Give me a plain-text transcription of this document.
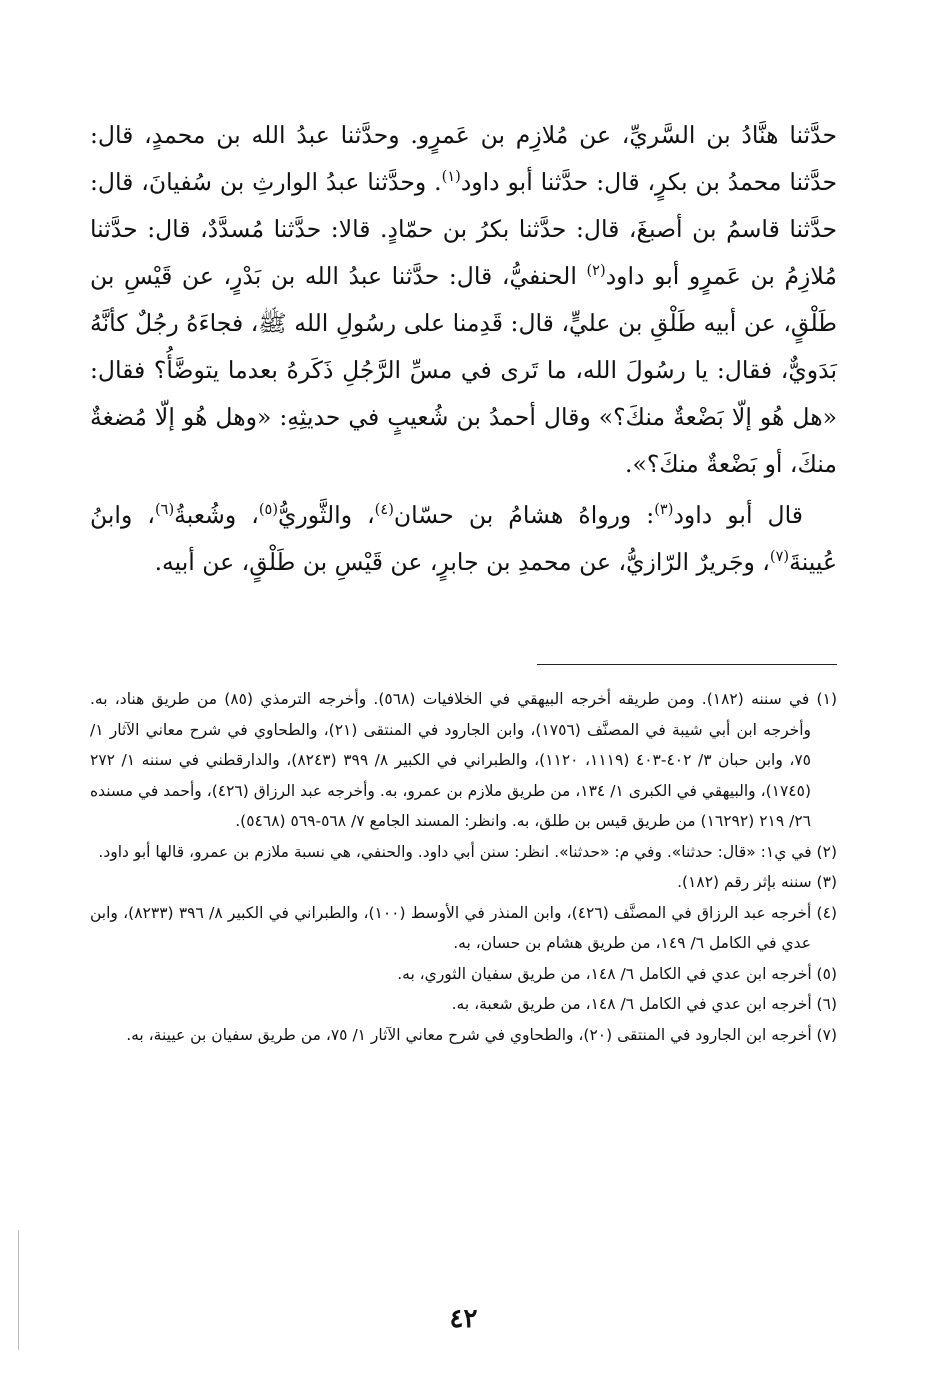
حدَّثنا هنَّادُ بن السَّريِّ، عن مُلازِم بن عَمرٍو. وحدَّثنا عبدُ الله بن محمدٍ، قال: حدَّثنا محمدُ بن بكرٍ، قال: حدَّثنا أبو داود$^{(١)}$. وحدَّثنا عبدُ الوارثِ بن سُفيانَ، قال: حدَّثنا قاسمُ بن أصبغَ، قال: حدَّثنا بكرُ بن حمّادٍ. قالا: حدَّثنا مُسدَّدٌ، قال: حدَّثنا مُلازِمُ بن عَمرٍو أبو داود$^{(٢)}$ الحنفيُّ، قال: حدَّثنا عبدُ الله بن بَدْرٍ، عن قَيْسِ بن طَلْقٍ، عن أبيه طَلْقِ بن عليٍّ، قال: قَدِمنا على رسُولِ الله ﷺ، فجاءَهُ رجُلٌ كأنَّهُ بَدَويٌّ، فقال: يا رسُولَ الله، ما تَرى في مسِّ الرَّجُلِ ذَكَرهُ بعدما يتوضَّأُ؟ فقال: «هل هُو إلّا بَضْعةٌ منكَ؟» وقال أحمدُ بن شُعيبٍ في حديثِهِ: «وهل هُو إلّا مُضغةٌ منكَ، أو بَضْعةٌ منكَ؟».

قال أبو داود$^{(٣)}$: ورواهُ هشامُ بن حسّان$^{(٤)}$، والثَّوريُّ$^{(٥)}$، وشُعبةُ$^{(٦)}$، وابنُ عُيينةَ$^{(٧)}$، وجَريرٌ الرّازيُّ، عن محمدِ بن جابرٍ، عن قَيْسِ بن طَلْقٍ، عن أبيه.

(١) في سننه (١٨٢). ومن طريقه أخرجه البيهقي في الخلافيات (٥٦٨). وأخرجه الترمذي (٨٥) من طريق هناد، به. وأخرجه ابن أبي شيبة في المصنَّف (١٧٥٦)، وابن الجارود في المنتقى (٢١)، والطحاوي في شرح معاني الآثار ١/ ٧٥، وابن حبان ٣/ ٤٠٢-٤٠٣ (١١١٩، ١١٢٠)، والطبراني في الكبير ٨/ ٣٩٩ (٨٢٤٣)، والدارقطني في سننه ١/ ٢٧٢ (١٧٤٥)، والبيهقي في الكبرى ١/ ١٣٤، من طريق ملازم بن عمرو، به. وأخرجه عبد الرزاق (٤٢٦)، وأحمد في مسنده ٢٦/ ٢١٩ (١٦٢٩٢) من طريق قيس بن طلق، به. وانظر: المسند الجامع ٧/ ٥٦٨-٥٦٩ (٥٤٦٨).

(٢) في ي١: «قال: حدثنا». وفي م: «حدثنا». انظر: سنن أبي داود. والحنفي، هي نسبة ملازم بن عمرو، قالها أبو داود.

(٣) سننه بإثر رقم (١٨٢).

(٤) أخرجه عبد الرزاق في المصنَّف (٤٢٦)، وابن المنذر في الأوسط (١٠٠)، والطبراني في الكبير ٨/ ٣٩٦ (٨٢٣٣)، وابن عدي في الكامل ٦/ ١٤٩، من طريق هشام بن حسان، به.

(٥) أخرجه ابن عدي في الكامل ٦/ ١٤٨، من طريق سفيان الثوري، به.

(٦) أخرجه ابن عدي في الكامل ٦/ ١٤٨، من طريق شعبة، به.

(٧) أخرجه ابن الجارود في المنتقى (٢٠)، والطحاوي في شرح معاني الآثار ١/ ٧٥، من طريق سفيان بن عيينة، به.

٤٢
